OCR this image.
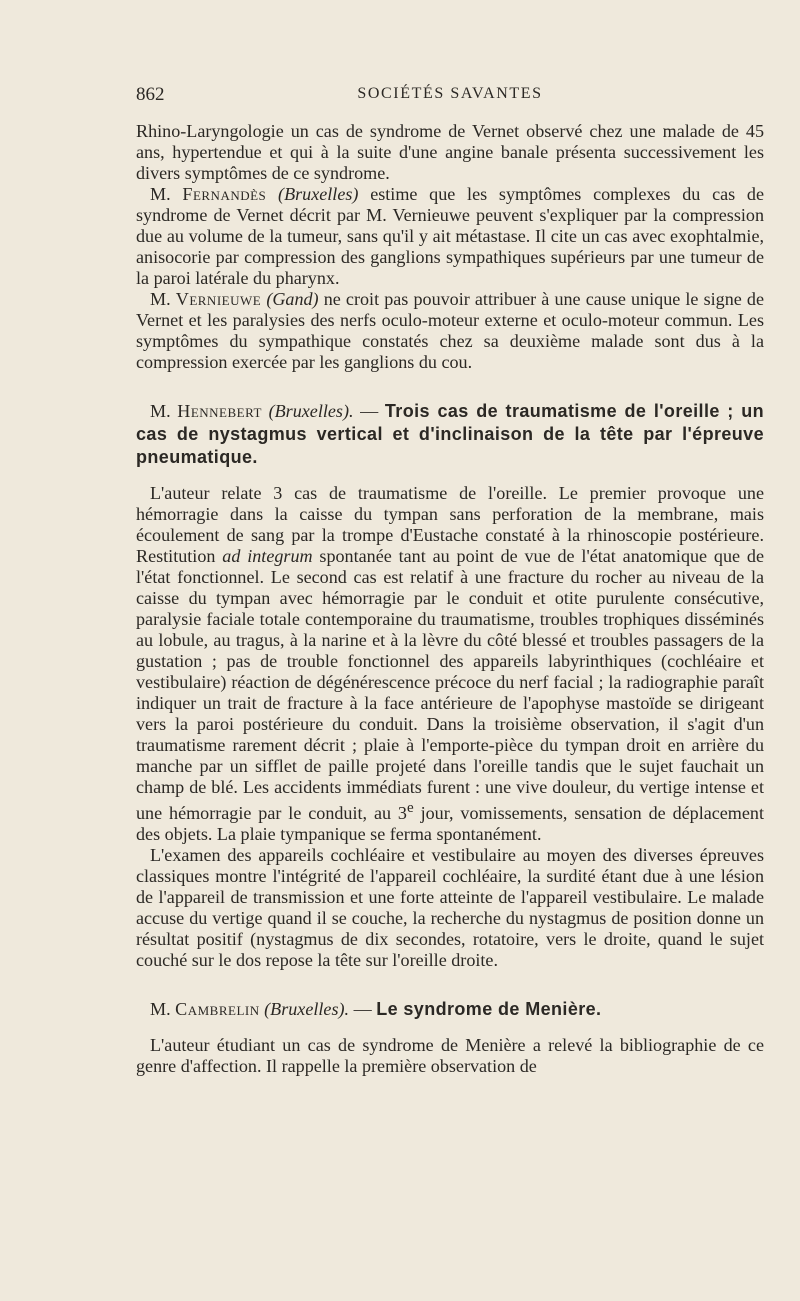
862	SOCIÉTÉS SAVANTES

Rhino-Laryngologie un cas de syndrome de Vernet observé chez une malade de 45 ans, hypertendue et qui à la suite d'une angine banale présenta successivement les divers symptômes de ce syndrome.

M. Fernandès (Bruxelles) estime que les symptômes complexes du cas de syndrome de Vernet décrit par M. Vernieuwe peuvent s'expliquer par la compression due au volume de la tumeur, sans qu'il y ait métastase. Il cite un cas avec exophtalmie, anisocorie par compression des ganglions sympathiques supérieurs par une tumeur de la paroi latérale du pharynx.

M. Vernieuwe (Gand) ne croit pas pouvoir attribuer à une cause unique le signe de Vernet et les paralysies des nerfs oculo-moteur externe et oculo-moteur commun. Les symptômes du sympathique constatés chez sa deuxième malade sont dus à la compression exercée par les ganglions du cou.

M. Hennebert (Bruxelles). — Trois cas de traumatisme de l'oreille ; un cas de nystagmus vertical et d'inclinaison de la tête par l'épreuve pneumatique.

L'auteur relate 3 cas de traumatisme de l'oreille. Le premier provoque une hémorragie dans la caisse du tympan sans perforation de la membrane, mais écoulement de sang par la trompe d'Eustache constaté à la rhinoscopie postérieure. Restitution ad integrum spontanée tant au point de vue de l'état anatomique que de l'état fonctionnel. Le second cas est relatif à une fracture du rocher au niveau de la caisse du tympan avec hémorragie par le conduit et otite purulente consécutive, paralysie faciale totale contemporaine du traumatisme, troubles trophiques disséminés au lobule, au tragus, à la narine et à la lèvre du côté blessé et troubles passagers de la gustation ; pas de trouble fonctionnel des appareils labyrinthiques (cochléaire et vestibulaire) réaction de dégénérescence précoce du nerf facial ; la radiographie paraît indiquer un trait de fracture à la face antérieure de l'apophyse mastoïde se dirigeant vers la paroi postérieure du conduit. Dans la troisième observation, il s'agit d'un traumatisme rarement décrit ; plaie à l'emporte-pièce du tympan droit en arrière du manche par un sifflet de paille projeté dans l'oreille tandis que le sujet fauchait un champ de blé. Les accidents immédiats furent : une vive douleur, du vertige intense et une hémorragie par le conduit, au 3e jour, vomissements, sensation de déplacement des objets. La plaie tympanique se ferma spontanément.

L'examen des appareils cochléaire et vestibulaire au moyen des diverses épreuves classiques montre l'intégrité de l'appareil cochléaire, la surdité étant due à une lésion de l'appareil de transmission et une forte atteinte de l'appareil vestibulaire. Le malade accuse du vertige quand il se couche, la recherche du nystagmus de position donne un résultat positif (nystagmus de dix secondes, rotatoire, vers le droite, quand le sujet couché sur le dos repose la tête sur l'oreille droite.

M. Cambrelin (Bruxelles). — Le syndrome de Menière.

L'auteur étudiant un cas de syndrome de Menière a relevé la bibliographie de ce genre d'affection. Il rappelle la première observation de
